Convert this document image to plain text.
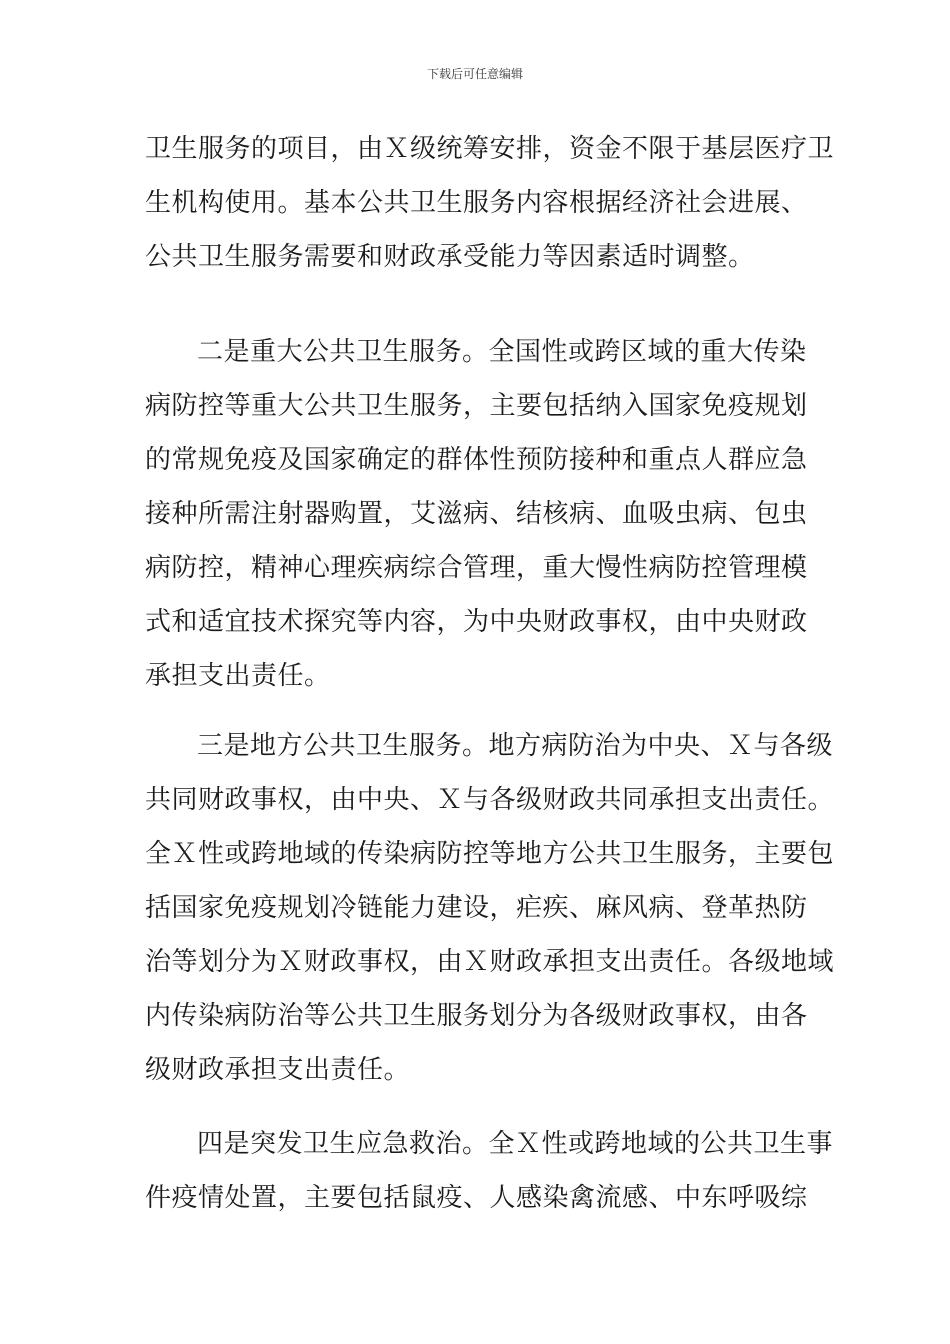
下载后可任意编辑
卫生服务的项目，由Ｘ级统筹安排，资金不限于基层医疗卫
生机构使用。基本公共卫生服务内容根据经济社会进展、
公共卫生服务需要和财政承受能力等因素适时调整。
二是重大公共卫生服务。全国性或跨区域的重大传染
病防控等重大公共卫生服务，主要包括纳入国家免疫规划
的常规免疫及国家确定的群体性预防接种和重点人群应急
接种所需注射器购置，艾滋病、结核病、血吸虫病、包虫
病防控，精神心理疾病综合管理，重大慢性病防控管理模
式和适宜技术探究等内容，为中央财政事权，由中央财政
承担支出责任。
三是地方公共卫生服务。地方病防治为中央、Ｘ与各级
共同财政事权，由中央、Ｘ与各级财政共同承担支出责任。
全Ｘ性或跨地域的传染病防控等地方公共卫生服务，主要包
括国家免疫规划冷链能力建设，疟疾、麻风病、登革热防
治等划分为Ｘ财政事权，由Ｘ财政承担支出责任。各级地域
内传染病防治等公共卫生服务划分为各级财政事权，由各
级财政承担支出责任。
四是突发卫生应急救治。全Ｘ性或跨地域的公共卫生事
件疫情处置，主要包括鼠疫、人感染禽流感、中东呼吸综
